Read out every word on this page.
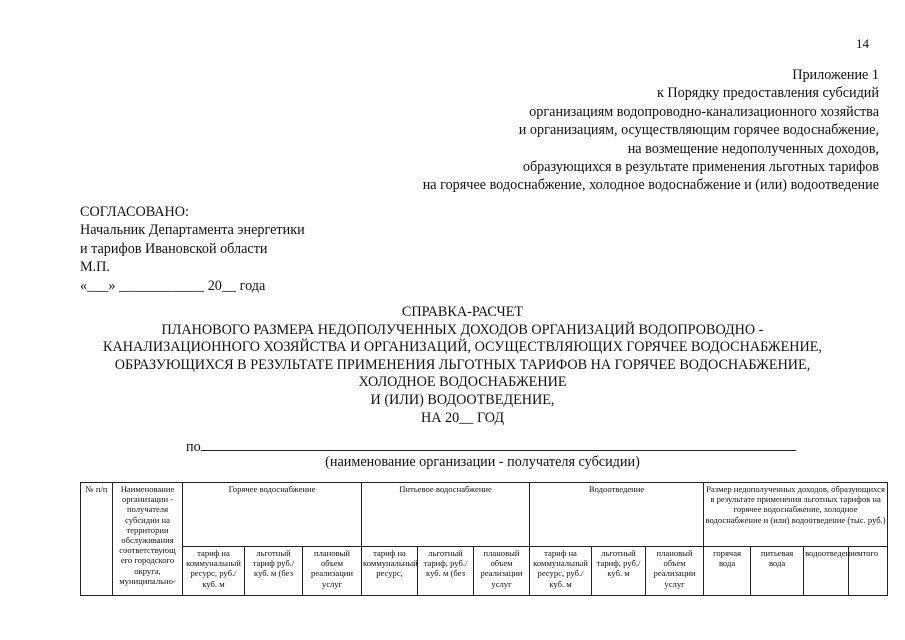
14
Приложение 1
к Порядку предоставления субсидий
организациям водопроводно-канализационного хозяйства
и организациям, осуществляющим горячее водоснабжение,
на возмещение недополученных доходов,
образующихся в результате применения льготных тарифов
на горячее водоснабжение, холодное водоснабжение и (или) водоотведение
СОГЛАСОВАНО:
Начальник Департамента энергетики
и тарифов Ивановской области
М.П.
«___» ____________ 20__ года
СПРАВКА-РАСЧЕТ
ПЛАНОВОГО РАЗМЕРА НЕДОПОЛУЧЕННЫХ ДОХОДОВ ОРГАНИЗАЦИЙ ВОДОПРОВОДНО -
КАНАЛИЗАЦИОННОГО ХОЗЯЙСТВА И ОРГАНИЗАЦИЙ, ОСУЩЕСТВЛЯЮЩИХ ГОРЯЧЕЕ ВОДОСНАБЖЕНИЕ,
ОБРАЗУЮЩИХСЯ В РЕЗУЛЬТАТЕ ПРИМЕНЕНИЯ ЛЬГОТНЫХ ТАРИФОВ НА ГОРЯЧЕЕ ВОДОСНАБЖЕНИЕ,
ХОЛОДНОЕ ВОДОСНАБЖЕНИЕ
И (ИЛИ) ВОДООТВЕДЕНИЕ,
НА 20__ ГОД
по
(наименование организации - получателя субсидии)
№ п/п	Наименование организации - получателя субсидии на территории обслуживания соответствующ его городского округа, муниципально-	Горячее водоснабжение			Питьевое водоснабжение			Водоотведение			Размер недополученных доходов, образующихся в результате применения льготных тарифов на горячее водоснабжение, холодное водоснабжение и (или) водоотведение (тыс. руб.)			
		тариф на коммунальный ресурс, руб./куб. м	льготный тариф руб./куб. м (без	плановый объем реализации услуг	тариф на коммунальный ресурс,	льготный тариф, руб./куб. м (без	плановый объем реализации услуг	тариф на коммунальный ресурс, руб./куб. м	льготный тариф, руб./куб. м	плановый объем реализации услуг	горячая вода	питьевая вода	водоотведение	итого
